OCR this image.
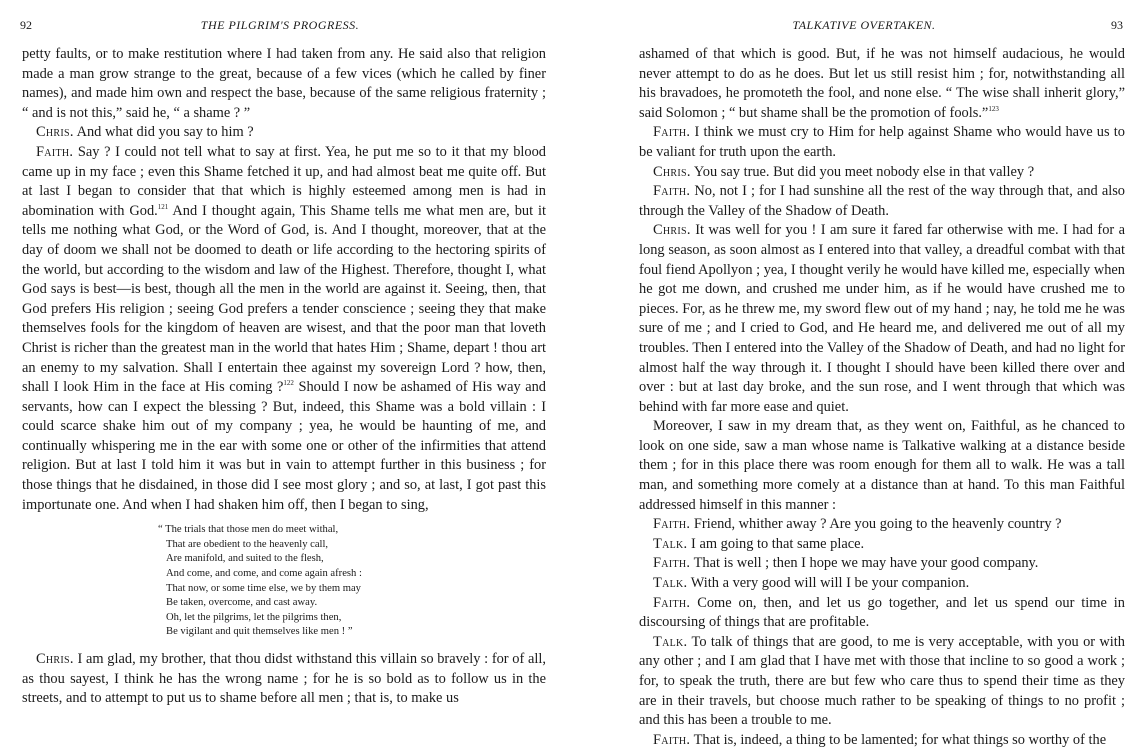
92	THE PILGRIM'S PROGRESS.

petty faults, or to make restitution where I had taken from any. He said also that religion made a man grow strange to the great, because of a few vices (which he called by finer names), and made him own and respect the base, because of the same religious fraternity ; “ and is not this,” said he, “ a shame ? ”

Chris. And what did you say to him ?

Faith. Say ? I could not tell what to say at first. Yea, he put me so to it that my blood came up in my face ; even this Shame fetched it up, and had almost beat me quite off. But at last I began to consider that that which is highly esteemed among men is had in abomination with God.$^{121}$ And I thought again, This Shame tells me what men are, but it tells me nothing what God, or the Word of God, is. And I thought, moreover, that at the day of doom we shall not be doomed to death or life according to the hectoring spirits of the world, but according to the wisdom and law of the Highest. Therefore, thought I, what God says is best—is best, though all the men in the world are against it. Seeing, then, that God prefers His religion ; seeing God prefers a tender conscience ; seeing they that make themselves fools for the kingdom of heaven are wisest, and that the poor man that loveth Christ is richer than the greatest man in the world that hates Him ; Shame, depart ! thou art an enemy to my salvation. Shall I entertain thee against my sovereign Lord ? how, then, shall I look Him in the face at His coming ?$^{122}$ Should I now be ashamed of His way and servants, how can I expect the blessing ? But, indeed, this Shame was a bold villain : I could scarce shake him out of my company ; yea, he would be haunting of me, and continually whispering me in the ear with some one or other of the infirmities that attend religion. But at last I told him it was but in vain to attempt further in this business ; for those things that he disdained, in those did I see most glory ; and so, at last, I got past this importunate one. And when I had shaken him off, then I began to sing,

“ The trials that those men do meet withal,
That are obedient to the heavenly call,
Are manifold, and suited to the flesh,
And come, and come, and come again afresh :
That now, or some time else, we by them may
Be taken, overcome, and cast away.
Oh, let the pilgrims, let the pilgrims then,
Be vigilant and quit themselves like men ! ”

Chris. I am glad, my brother, that thou didst withstand this villain so bravely : for of all, as thou sayest, I think he has the wrong name ; for he is so bold as to follow us in the streets, and to attempt to put us to shame before all men ; that is, to make us

TALKATIVE OVERTAKEN.	93

ashamed of that which is good. But, if he was not himself audacious, he would never attempt to do as he does. But let us still resist him ; for, notwithstanding all his bravadoes, he promoteth the fool, and none else. “ The wise shall inherit glory,” said Solomon ; “ but shame shall be the promotion of fools.”$^{123}$

Faith. I think we must cry to Him for help against Shame who would have us to be valiant for truth upon the earth.

Chris. You say true. But did you meet nobody else in that valley ?

Faith. No, not I ; for I had sunshine all the rest of the way through that, and also through the Valley of the Shadow of Death.

Chris. It was well for you ! I am sure it fared far otherwise with me. I had for a long season, as soon almost as I entered into that valley, a dreadful combat with that foul fiend Apollyon ; yea, I thought verily he would have killed me, especially when he got me down, and crushed me under him, as if he would have crushed me to pieces. For, as he threw me, my sword flew out of my hand ; nay, he told me he was sure of me ; and I cried to God, and He heard me, and delivered me out of all my troubles. Then I entered into the Valley of the Shadow of Death, and had no light for almost half the way through it. I thought I should have been killed there over and over : but at last day broke, and the sun rose, and I went through that which was behind with far more ease and quiet.

Moreover, I saw in my dream that, as they went on, Faithful, as he chanced to look on one side, saw a man whose name is Talkative walking at a distance beside them ; for in this place there was room enough for them all to walk. He was a tall man, and something more comely at a distance than at hand. To this man Faithful addressed himself in this manner :

Faith. Friend, whither away ? Are you going to the heavenly country ?

Talk. I am going to that same place.

Faith. That is well ; then I hope we may have your good company.

Talk. With a very good will will I be your companion.

Faith. Come on, then, and let us go together, and let us spend our time in discoursing of things that are profitable.

Talk. To talk of things that are good, to me is very acceptable, with you or with any other ; and I am glad that I have met with those that incline to so good a work ; for, to speak the truth, there are but few who care thus to spend their time as they are in their travels, but choose much rather to be speaking of things to no profit ; and this has been a trouble to me.

Faith. That is, indeed, a thing to be lamented; for what things so worthy of the
